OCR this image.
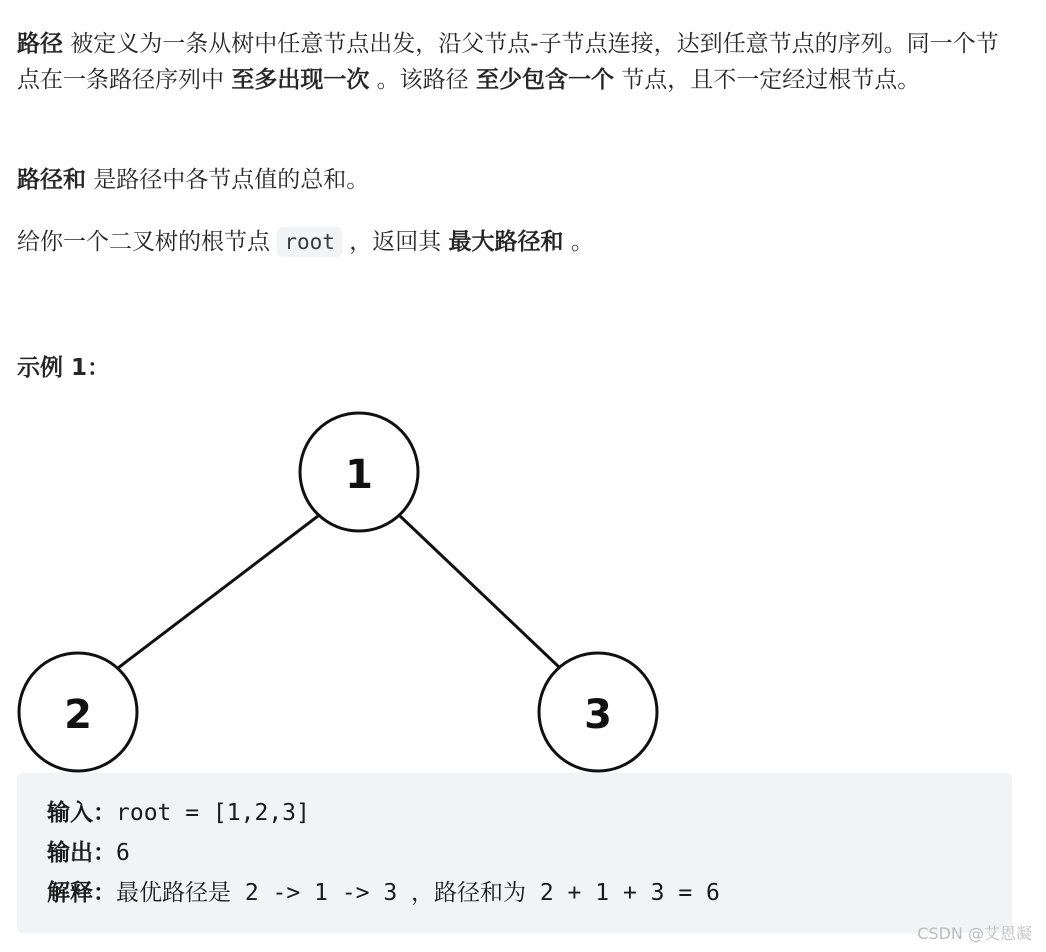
路径 被定义为一条从树中任意节点出发，沿父节点-子节点连接，达到任意节点的序列。同一个节点在一条路径序列中 至多出现一次 。该路径 至少包含一个 节点，且不一定经过根节点。

路径和 是路径中各节点值的总和。

给你一个二叉树的根节点 root ，返回其 最大路径和 。

示例 1：

1
2	3
输入：root = [1,2,3]
输出：6
解释：最优路径是 2 -> 1 -> 3 ，路径和为 2 + 1 + 3 = 6
CSDN @艾恩凝
